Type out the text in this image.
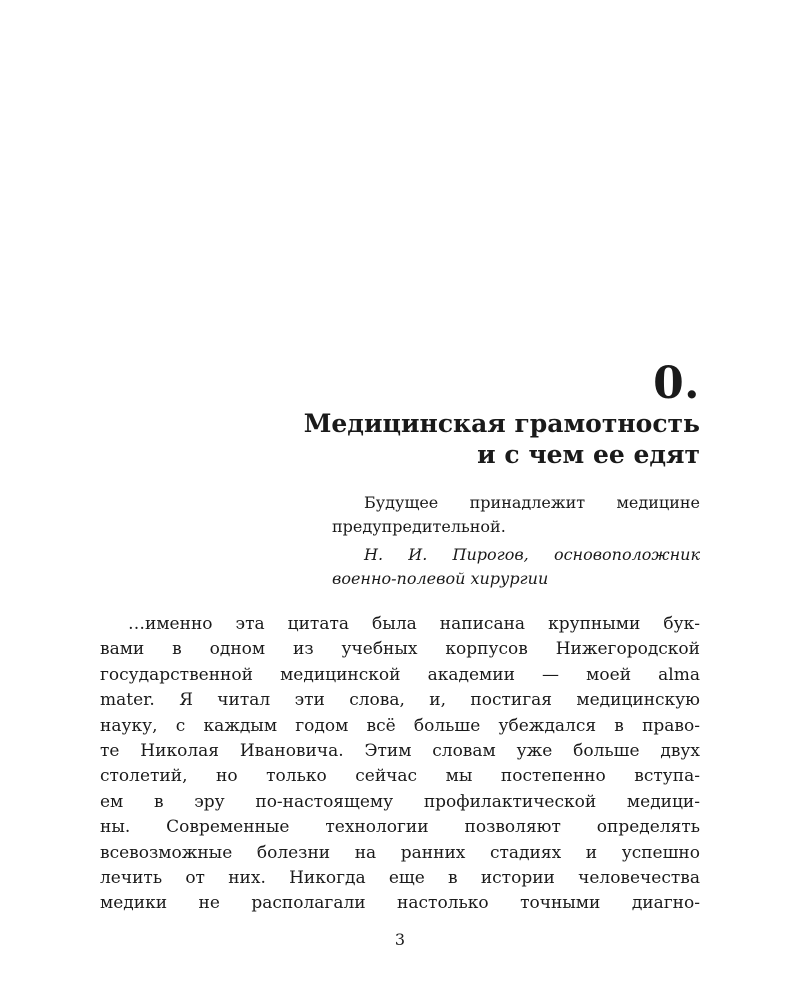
0.
Медицинская грамотность
и с чем ее едят

Будущее принадлежит медицине предупредительной.

Н. И. Пирогов, основоположник военно-полевой хирургии

…именно эта цитата была написана крупными бук-
вами в одном из учебных корпусов Нижегородской
государственной медицинской академии — моей alma
mater. Я читал эти слова, и, постигая медицинскую
науку, с каждым годом всё больше убеждался в право-
те Николая Ивановича. Этим словам уже больше двух
столетий, но только сейчас мы постепенно вступа-
ем в эру по-настоящему профилактической медици-
ны. Современные технологии позволяют определять
всевозможные болезни на ранних стадиях и успешно
лечить от них. Никогда еще в истории человечества
медики не располагали настолько точными диагно-
3
